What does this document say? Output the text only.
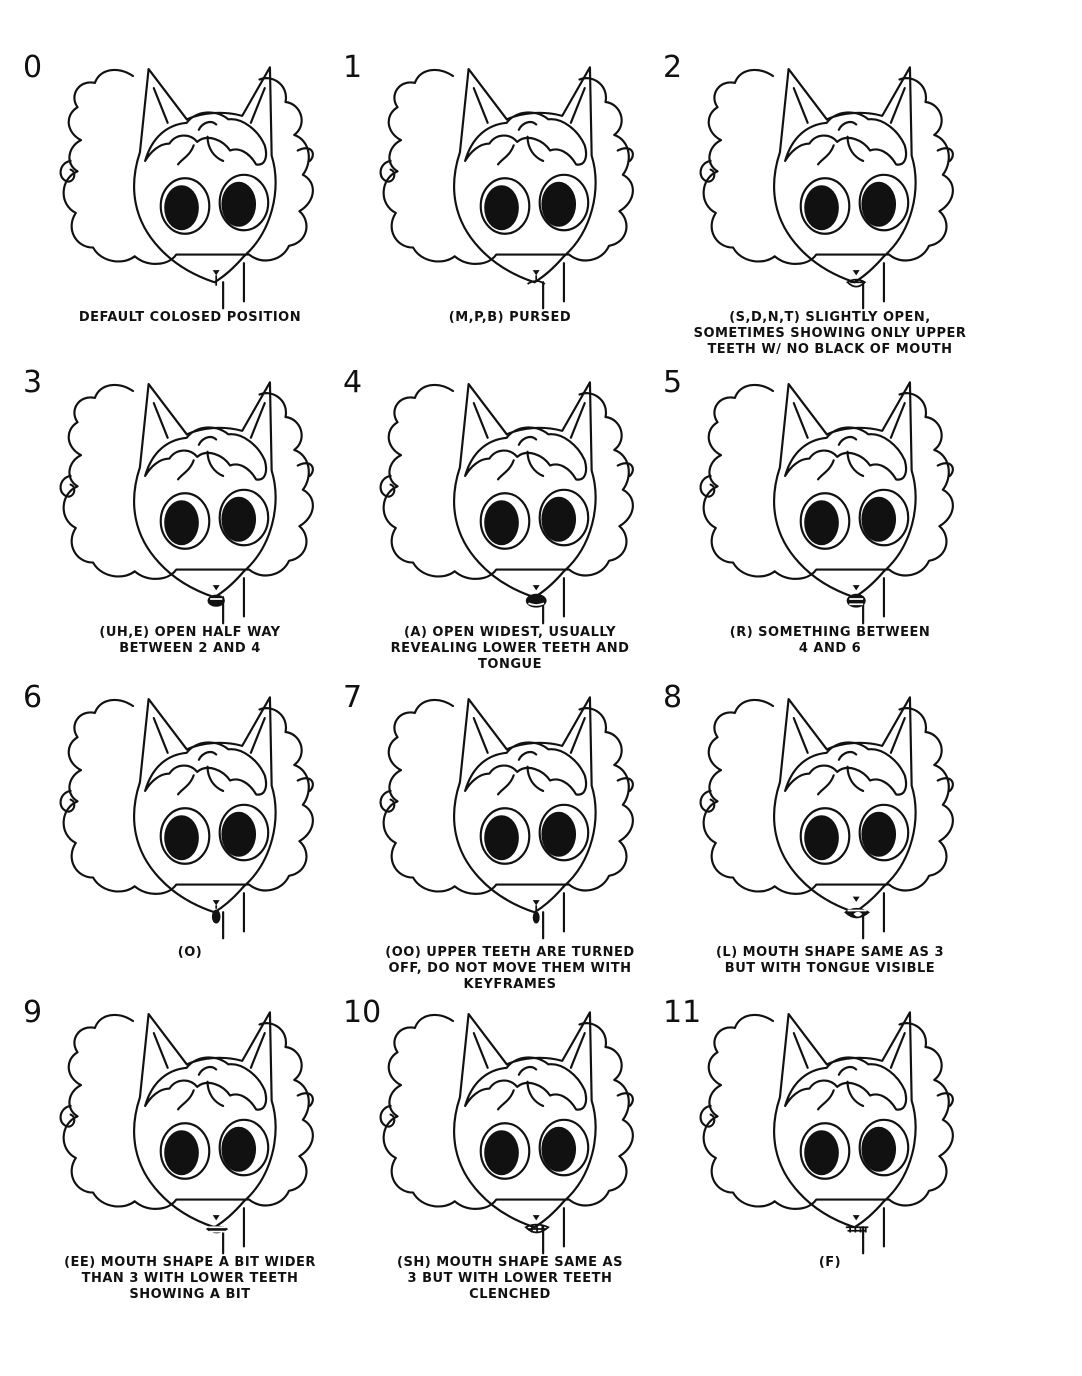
0
DEFAULT COLOSED POSITION
1
(M,P,B) PURSED
2
(S,D,N,T) SLIGHTLY OPEN,
SOMETIMES SHOWING ONLY UPPER
TEETH W/ NO BLACK OF MOUTH
3
(UH,E) OPEN HALF WAY
BETWEEN 2 AND 4
4
(A) OPEN WIDEST, USUALLY
REVEALING LOWER TEETH AND
TONGUE
5
(R) SOMETHING BETWEEN
4 AND 6
6
(O)
7
(OO) UPPER TEETH ARE TURNED
OFF, DO NOT MOVE THEM WITH
KEYFRAMES
8
(L) MOUTH SHAPE SAME AS 3
BUT WITH TONGUE VISIBLE
9
(EE) MOUTH SHAPE A BIT WIDER
THAN 3 WITH LOWER TEETH
SHOWING A BIT
10
(SH) MOUTH SHAPE SAME AS
3 BUT WITH LOWER TEETH
CLENCHED
11
(F)
